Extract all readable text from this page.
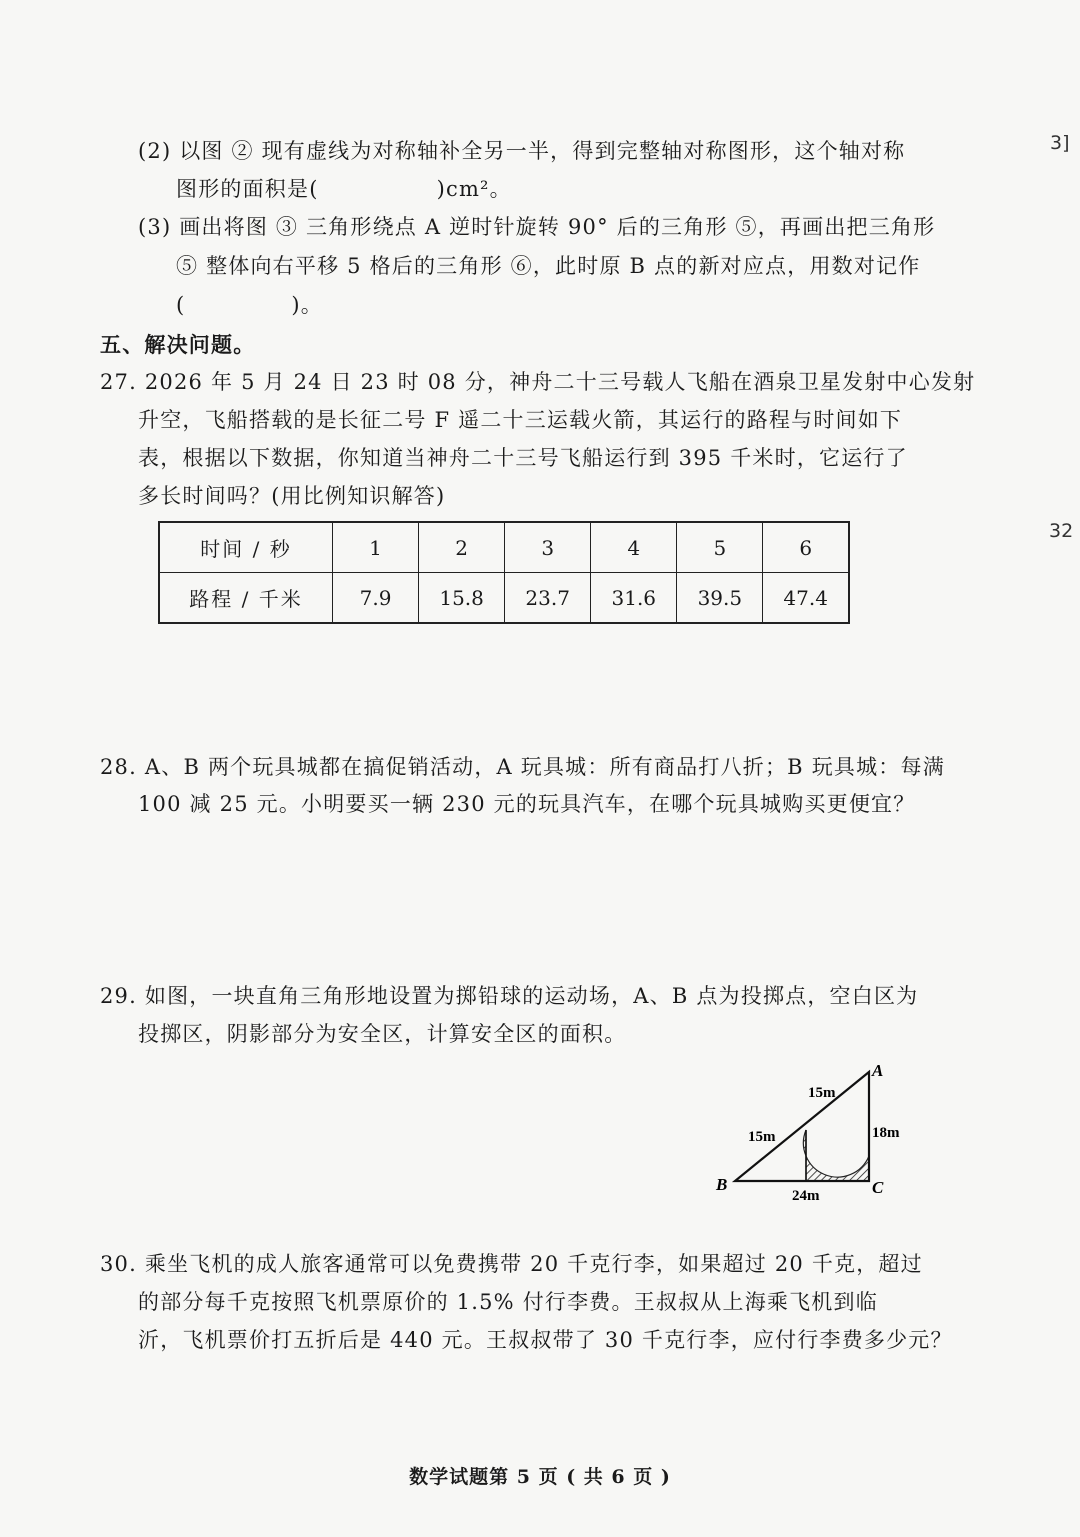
3]
32
(2) 以图 ② 现有虚线为对称轴补全另一半，得到完整轴对称图形，这个轴对称
图形的面积是(	)cm²。
(3) 画出将图 ③ 三角形绕点 A 逆时针旋转 90° 后的三角形 ⑤，再画出把三角形
⑤ 整体向右平移 5 格后的三角形 ⑥，此时原 B 点的新对应点，用数对记作
(	)。
五、解决问题。
27. 2026 年 5 月 24 日 23 时 08 分，神舟二十三号载人飞船在酒泉卫星发射中心发射
升空，飞船搭载的是长征二号 F 遥二十三运载火箭，其运行的路程与时间如下
表，根据以下数据，你知道当神舟二十三号飞船运行到 395 千米时，它运行了
多长时间吗？(用比例知识解答)
时间 / 秒	1	2	3	4	5	6
路程 / 千米	7.9	15.8	23.7	31.6	39.5	47.4
28. A、B 两个玩具城都在搞促销活动，A 玩具城：所有商品打八折；B 玩具城：每满
100 减 25 元。小明要买一辆 230 元的玩具汽车，在哪个玩具城购买更便宜？
29. 如图，一块直角三角形地设置为掷铅球的运动场，A、B 点为投掷点，空白区为
投掷区，阴影部分为安全区，计算安全区的面积。
A
B	C
15m
15m	18m
24m
30. 乘坐飞机的成人旅客通常可以免费携带 20 千克行李，如果超过 20 千克，超过
的部分每千克按照飞机票原价的 1.5% 付行李费。王叔叔从上海乘飞机到临
沂，飞机票价打五折后是 440 元。王叔叔带了 30 千克行李，应付行李费多少元？
数学试题第 5 页 ( 共 6 页 )
